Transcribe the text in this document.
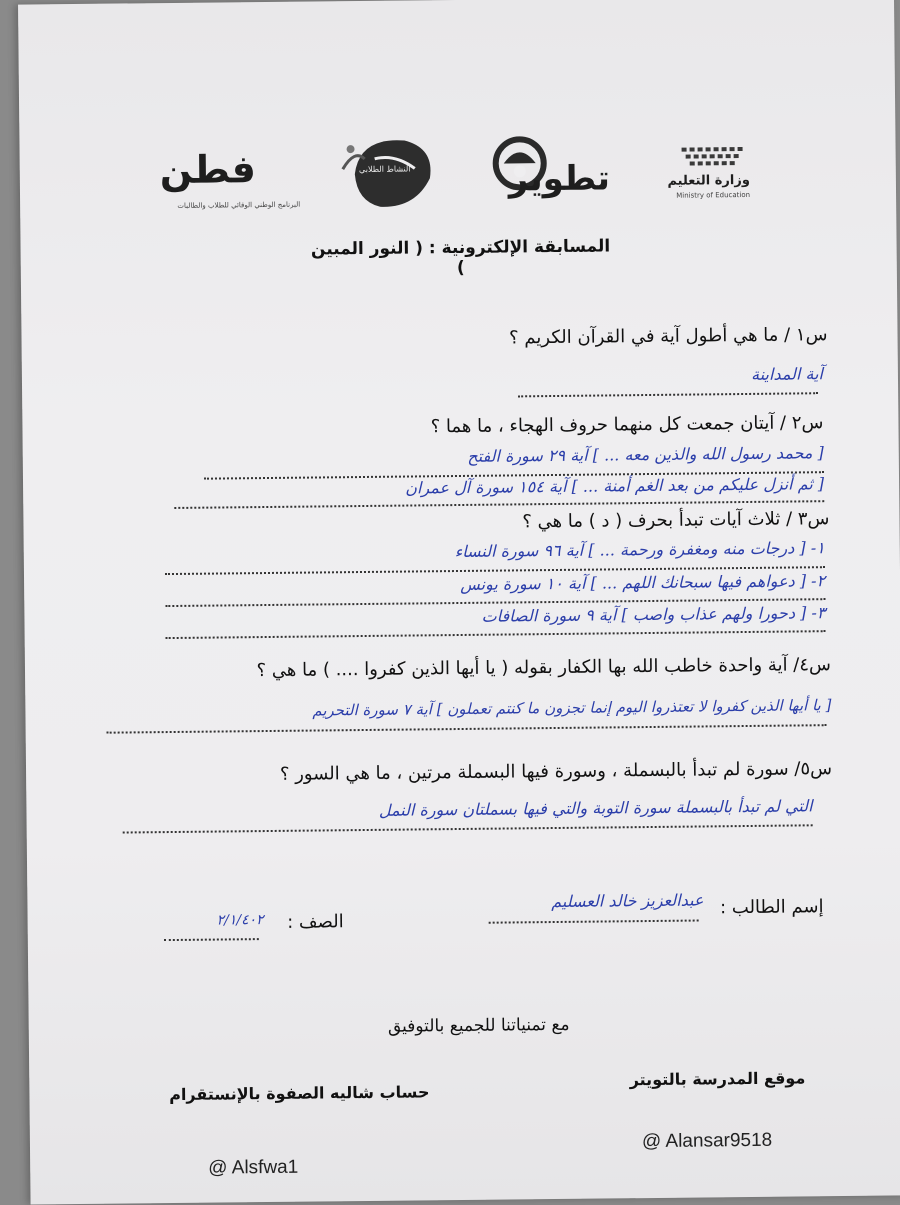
وزارة التعليم
Ministry of Education
تطوير
النشاط الطلابي
فطن
البرنامج الوطني الوقائي للطلاب والطالبات
المسابقة الإلكترونية : ( النور المبين )
س١ / ما هي أطول آية في القرآن الكريم ؟
آية المداينة
س٢ / آيتان جمعت كل منهما حروف الهجاء ، ما هما ؟
[ محمد رسول الله والذين معه ... ] آية ٢٩ سورة الفتح
[ ثم أنزل عليكم من بعد الغم أمنة ... ] آية ١٥٤ سورة آل عمران
س٣ / ثلاث آيات تبدأ بحرف ( د ) ما هي ؟
١- [ درجات منه ومغفرة ورحمة ... ] آية ٩٦ سورة النساء
٢- [ دعواهم فيها سبحانك اللهم ... ] آية ١٠ سورة يونس
٣- [ دحورا ولهم عذاب واصب ] آية ٩ سورة الصافات
س٤/ آية واحدة خاطب الله بها الكفار بقوله ( يا أيها الذين كفروا .... ) ما هي ؟
[ يا أيها الذين كفروا لا تعتذروا اليوم إنما تجزون ما كنتم تعملون ] آية ٧ سورة التحريم
س٥/ سورة لم تبدأ بالبسملة ، وسورة فيها البسملة مرتين ، ما هي السور ؟
التي لم تبدأ بالبسملة سورة التوبة والتي فيها بسملتان سورة النمل
إسم الطالب :
عبدالعزيز خالد العسليم
الصف :
٢/١/٤٠٢
مع تمنياتنا للجميع بالتوفيق
موقع المدرسة بالتويتر
@ Alansar9518
حساب شاليه الصفوة بالإنستقرام
@ Alsfwa1
